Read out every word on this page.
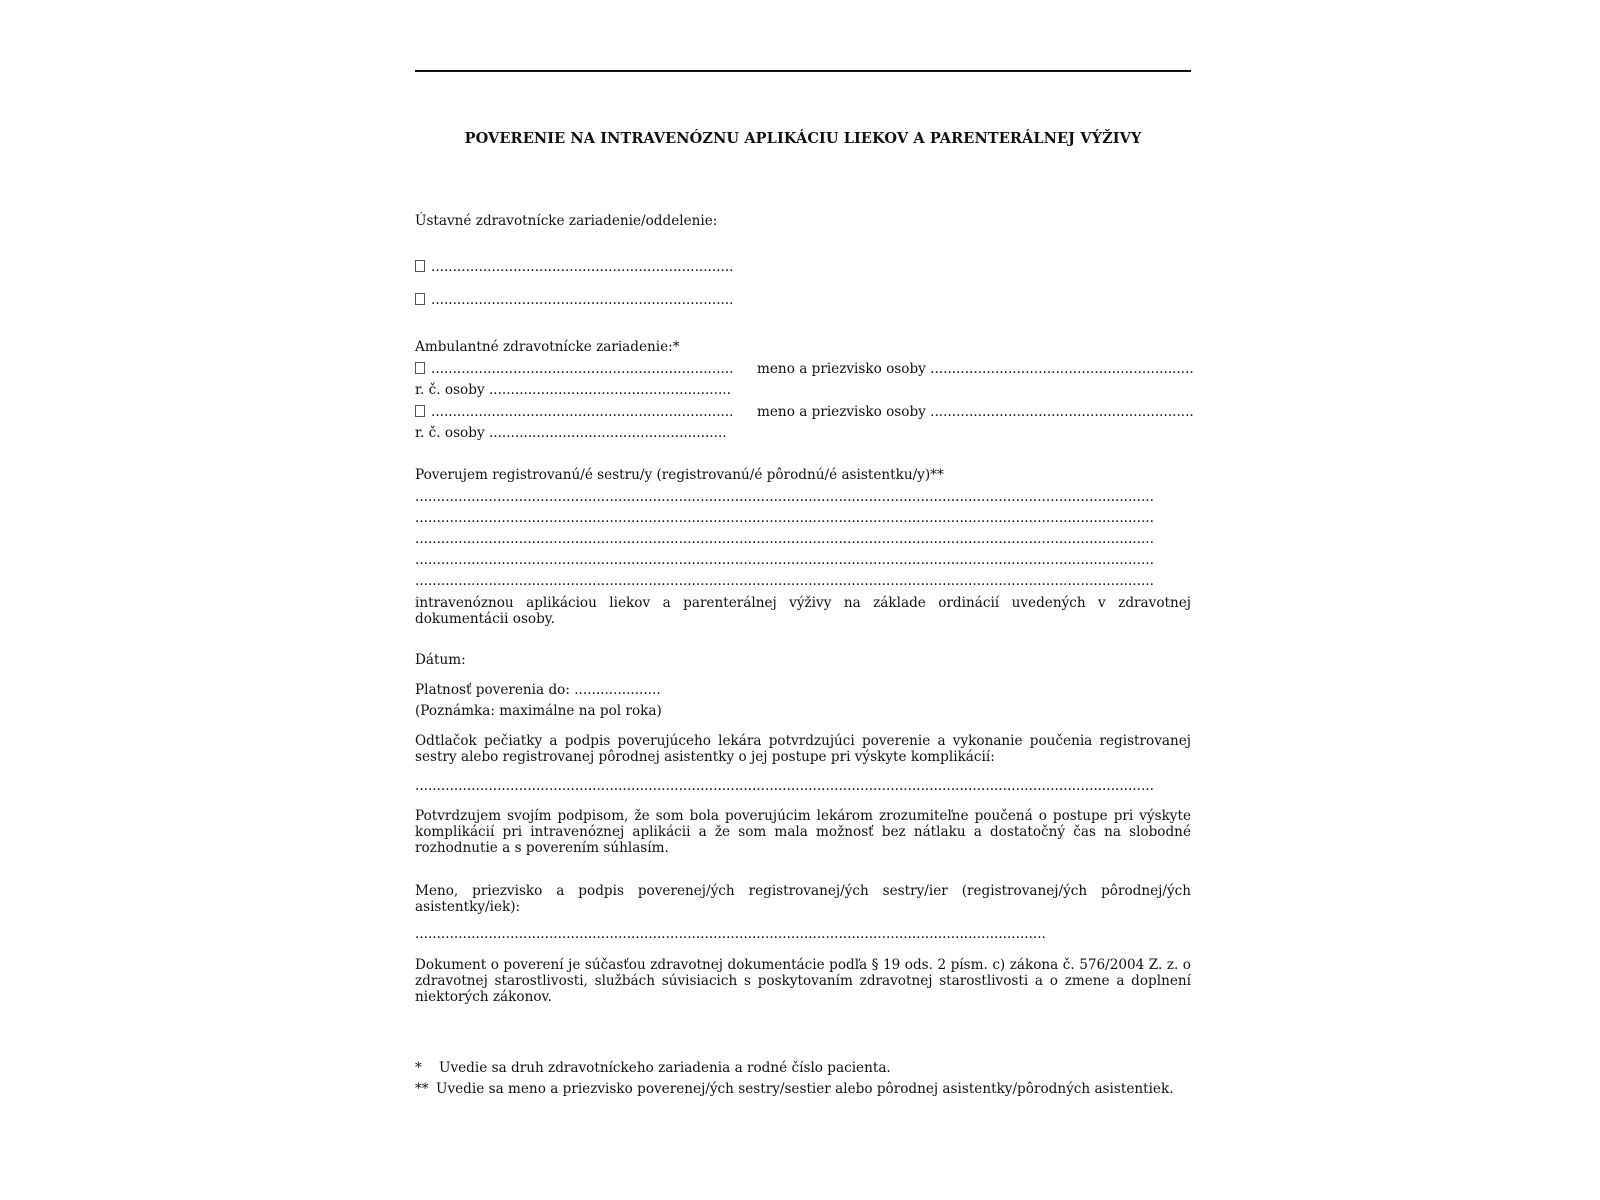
POVERENIE NA INTRAVENÓZNU APLIKÁCIU LIEKOV A PARENTERÁLNEJ VÝŽIVY
Ústavné zdravotnícke zariadenie/oddelenie:
......................................................................
......................................................................
Ambulantné zdravotnícke zariadenie:*
...................................................................... meno a priezvisko osoby .............................................................
r. č. osoby ........................................................
...................................................................... meno a priezvisko osoby .............................................................
r. č. osoby .......................................................
Poverujem registrovanú/é sestru/y (registrovanú/é pôrodnú/é asistentku/y)**
...........................................................................................................................................................................
...........................................................................................................................................................................
...........................................................................................................................................................................
...........................................................................................................................................................................
...........................................................................................................................................................................
intravenóznou aplikáciou liekov a parenterálnej výživy na základe ordinácií uvedených v zdravotnej dokumentácii osoby.
Dátum:
Platnosť poverenia do: ....................
(Poznámka: maximálne na pol roka)
Odtlačok pečiatky a podpis poverujúceho lekára potvrdzujúci poverenie a vykonanie poučenia registrovanej sestry alebo registrovanej pôrodnej asistentky o jej postupe pri výskyte komplikácií:
...........................................................................................................................................................................
Potvrdzujem svojím podpisom, že som bola poverujúcim lekárom zrozumiteľne poučená o postupe pri výskyte komplikácií pri intravenóznej aplikácii a že som mala možnosť bez nátlaku a dostatočný čas na slobodné rozhodnutie a s poverením súhlasím.
Meno, priezvisko a podpis poverenej/ých registrovanej/ých sestry/ier (registrovanej/ých pôrodnej/ých asistentky/iek):
..................................................................................................................................................
Dokument o poverení je súčasťou zdravotnej dokumentácie podľa § 19 ods. 2 písm. c) zákona č. 576/2004 Z. z. o zdravotnej starostlivosti, službách súvisiacich s poskytovaním zdravotnej starostlivosti a o zmene a doplnení niektorých zákonov.
* Uvedie sa druh zdravotníckeho zariadenia a rodné číslo pacienta.
** Uvedie sa meno a priezvisko poverenej/ých sestry/sestier alebo pôrodnej asistentky/pôrodných asistentiek.
